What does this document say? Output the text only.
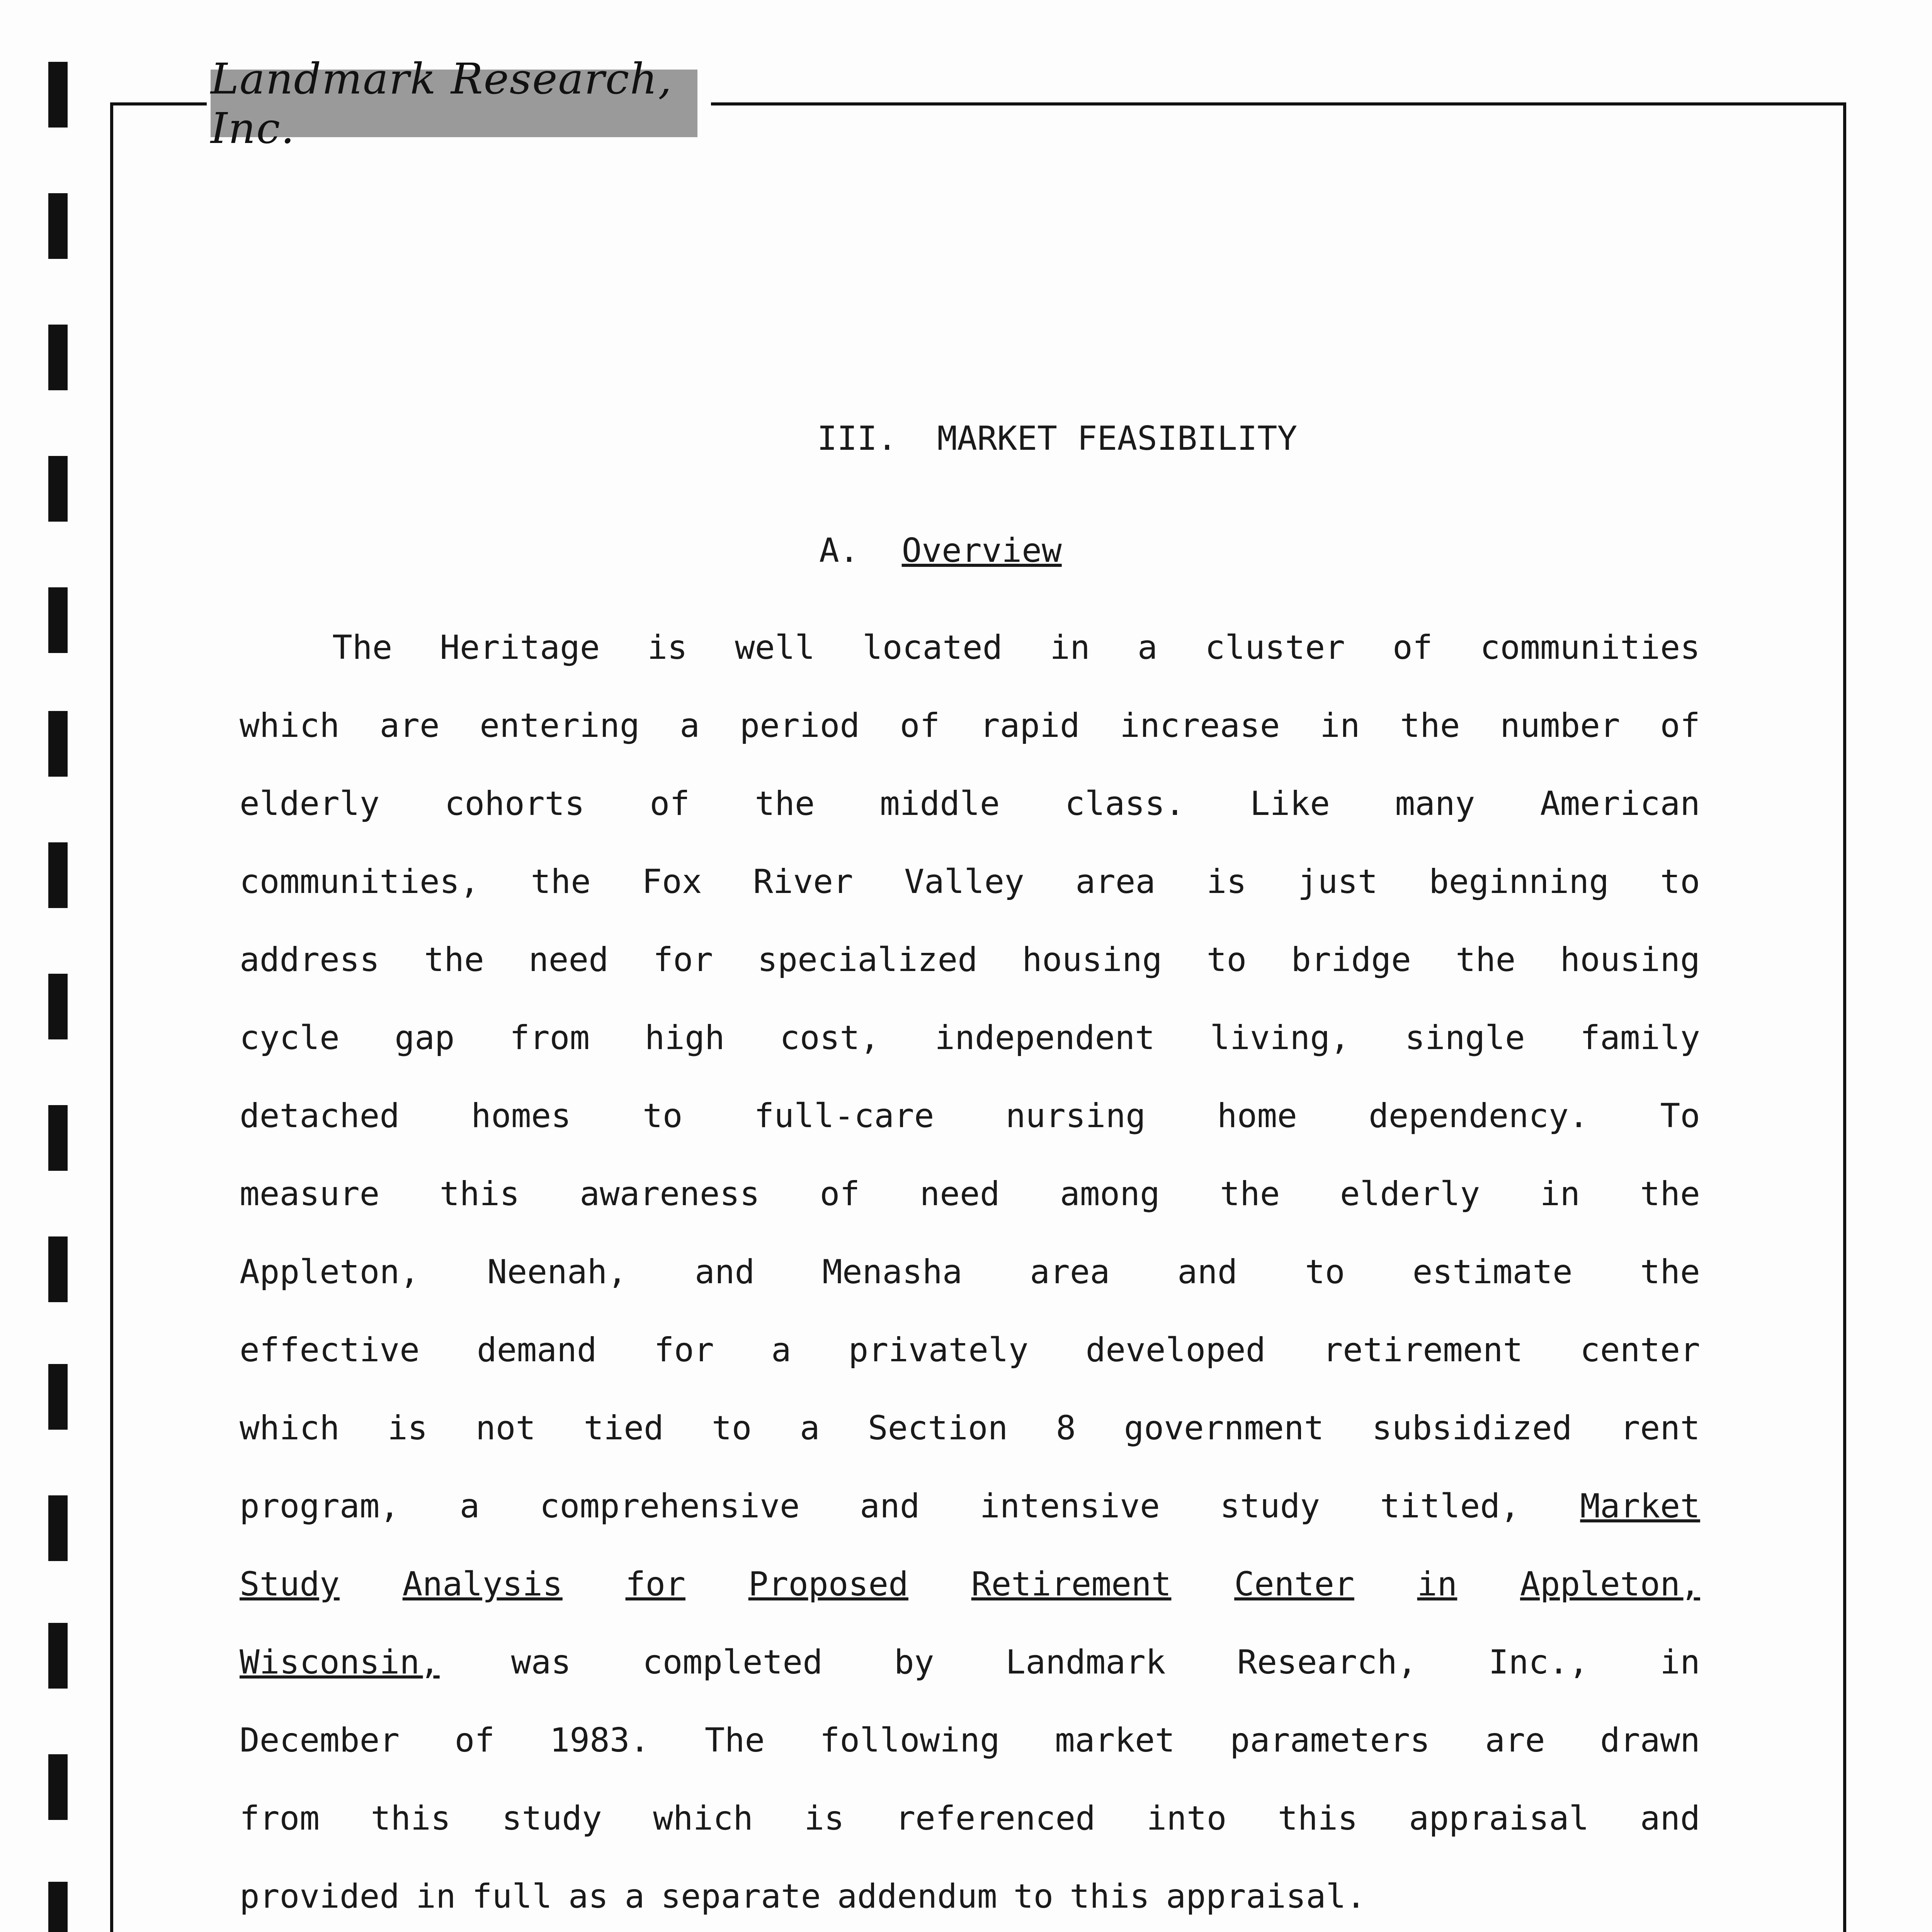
Landmark Research, Inc.
III.  MARKET FEASIBILITY
A. Overview
The Heritage is well located in a cluster of communities
which are entering a period of rapid increase in the number of
elderly cohorts of the middle class. Like many American
communities, the Fox River Valley area is just beginning to
address the need for specialized housing to bridge the housing
cycle gap from high cost, independent living, single family
detached homes to full-care nursing home dependency. To
measure this awareness of need among the elderly in the
Appleton, Neenah, and Menasha area and to estimate the
effective demand for a privately developed retirement center
which is not tied to a Section 8 government subsidized rent
program, a comprehensive and intensive study titled, Market
Study Analysis for Proposed Retirement Center in Appleton,
Wisconsin, was completed by Landmark Research, Inc., in
December of 1983. The following market parameters are drawn
from this study which is referenced into this appraisal and
provided in full as a separate addendum to this appraisal.
